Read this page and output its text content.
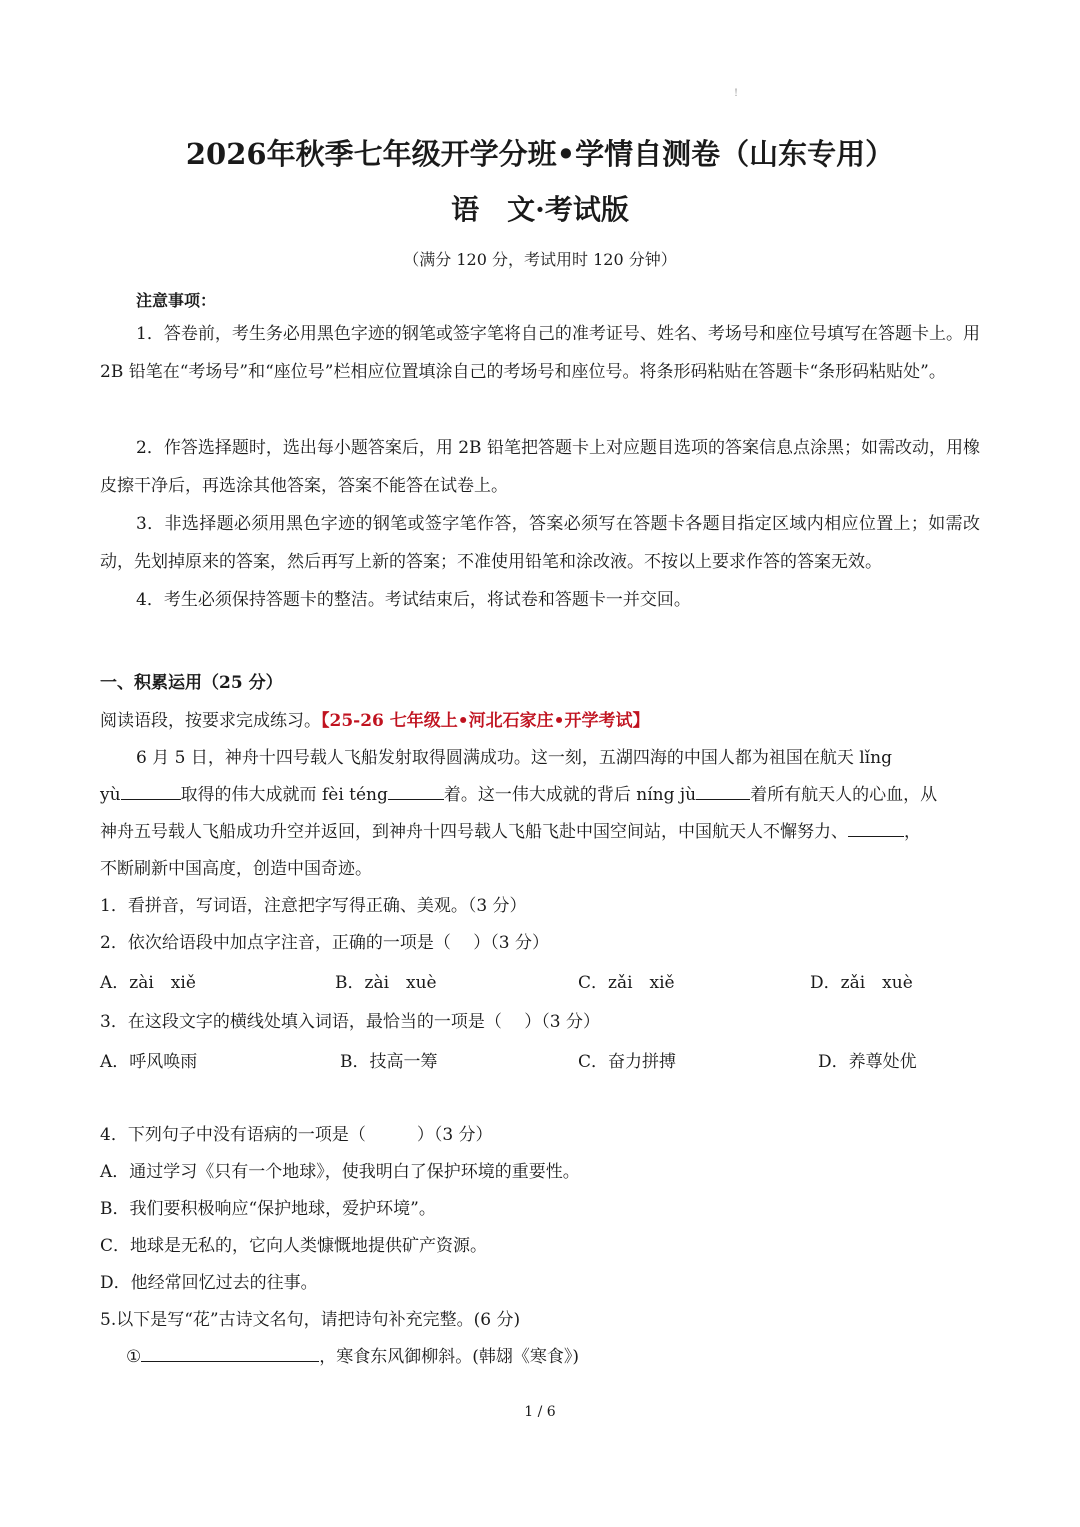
!
2026年秋季七年级开学分班•学情自测卷（山东专用）
语　文·考试版
（满分 120 分，考试用时 120 分钟）
注意事项：

1．答卷前，考生务必用黑色字迹的钢笔或签字笔将自己的准考证号、姓名、考场号和座位号填写在答题卡上。用 2B 铅笔在“考场号”和“座位号”栏相应位置填涂自己的考场号和座位号。将条形码粘贴在答题卡“条形码粘贴处”。

2．作答选择题时，选出每小题答案后，用 2B 铅笔把答题卡上对应题目选项的答案信息点涂黑；如需改动，用橡皮擦干净后，再选涂其他答案，答案不能答在试卷上。

3．非选择题必须用黑色字迹的钢笔或签字笔作答，答案必须写在答题卡各题目指定区域内相应位置上；如需改动，先划掉原来的答案，然后再写上新的答案；不准使用铅笔和涂改液。不按以上要求作答的答案无效。

4．考生必须保持答题卡的整洁。考试结束后，将试卷和答题卡一并交回。

一、积累运用（25 分）
阅读语段，按要求完成练习。【25-26 七年级上•河北石家庄•开学考试】
6 月 5 日，神舟十四号载人飞船发射取得圆满成功。这一刻，五湖四海的中国人都为祖国在航天 lǐng
yù	取得的伟大成就而 fèi téng	着。这一伟大成就的背后 níng jù	着所有航天人的心血，从
神舟五号载人飞船成功升空并返回，到神舟十四号载人飞船飞赴中国空间站，中国航天人不懈努力、	，
不断刷新中国高度，创造中国奇迹。
1．看拼音，写词语，注意把字写得正确、美观。（3 分）
2．依次给语段中加点字注音，正确的一项是（　 ）（3 分）
A．zài　xiě	B．zài　xuè	C．zǎi　xiě	D．zǎi　xuè
3．在这段文字的横线处填入词语，最恰当的一项是（　 ）（3 分）
A．呼风唤雨	B．技高一筹	C．奋力拼搏	D．养尊处优
4．下列句子中没有语病的一项是（　　　）（3 分）
A．通过学习《只有一个地球》，使我明白了保护环境的重要性。
B．我们要积极响应“保护地球，爱护环境”。
C．地球是无私的，它向人类慷慨地提供矿产资源。
D．他经常回忆过去的往事。
5.以下是写“花”古诗文名句，请把诗句补充完整。(6 分)
①	，寒食东风御柳斜。(韩翃《寒食》)
1 / 6
